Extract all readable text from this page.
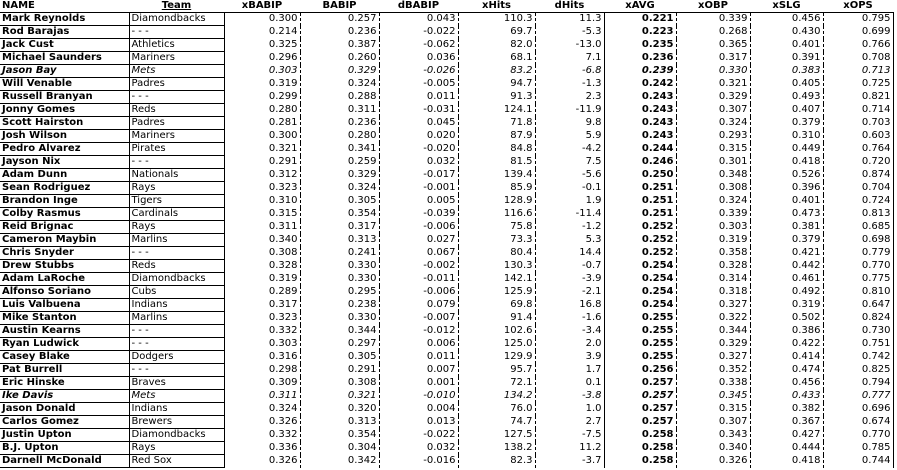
NAME	Team	xBABIP	BABIP	dBABIP	xHits	dHits	xAVG	xOBP	xSLG	xOPS
Mark Reynolds	Diamondbacks	0.300	0.257	0.043	110.3	11.3	0.221	0.339	0.456	0.795
Rod Barajas	- - -	0.214	0.236	-0.022	69.7	-5.3	0.223	0.268	0.430	0.699
Jack Cust	Athletics	0.325	0.387	-0.062	82.0	-13.0	0.235	0.365	0.401	0.766
Michael Saunders	Mariners	0.296	0.260	0.036	68.1	7.1	0.236	0.317	0.391	0.708
Jason Bay	Mets	0.303	0.329	-0.026	83.2	-6.8	0.239	0.330	0.383	0.713
Will Venable	Padres	0.319	0.324	-0.005	94.7	-1.3	0.242	0.321	0.405	0.725
Russell Branyan	- - -	0.299	0.288	0.011	91.3	2.3	0.243	0.329	0.493	0.821
Jonny Gomes	Reds	0.280	0.311	-0.031	124.1	-11.9	0.243	0.307	0.407	0.714
Scott Hairston	Padres	0.281	0.236	0.045	71.8	9.8	0.243	0.324	0.379	0.703
Josh Wilson	Mariners	0.300	0.280	0.020	87.9	5.9	0.243	0.293	0.310	0.603
Pedro Alvarez	Pirates	0.321	0.341	-0.020	84.8	-4.2	0.244	0.315	0.449	0.764
Jayson Nix	- - -	0.291	0.259	0.032	81.5	7.5	0.246	0.301	0.418	0.720
Adam Dunn	Nationals	0.312	0.329	-0.017	139.4	-5.6	0.250	0.348	0.526	0.874
Sean Rodriguez	Rays	0.323	0.324	-0.001	85.9	-0.1	0.251	0.308	0.396	0.704
Brandon Inge	Tigers	0.310	0.305	0.005	128.9	1.9	0.251	0.324	0.401	0.724
Colby Rasmus	Cardinals	0.315	0.354	-0.039	116.6	-11.4	0.251	0.339	0.473	0.813
Reid Brignac	Rays	0.311	0.317	-0.006	75.8	-1.2	0.252	0.303	0.381	0.685
Cameron Maybin	Marlins	0.340	0.313	0.027	73.3	5.3	0.252	0.319	0.379	0.698
Chris Snyder	- - -	0.308	0.241	0.067	80.4	14.4	0.252	0.358	0.421	0.779
Drew Stubbs	Reds	0.328	0.330	-0.002	130.3	-0.7	0.254	0.328	0.442	0.770
Adam LaRoche	Diamondbacks	0.319	0.330	-0.011	142.1	-3.9	0.254	0.314	0.461	0.775
Alfonso Soriano	Cubs	0.289	0.295	-0.006	125.9	-2.1	0.254	0.318	0.492	0.810
Luis Valbuena	Indians	0.317	0.238	0.079	69.8	16.8	0.254	0.327	0.319	0.647
Mike Stanton	Marlins	0.323	0.330	-0.007	91.4	-1.6	0.255	0.322	0.502	0.824
Austin Kearns	- - -	0.332	0.344	-0.012	102.6	-3.4	0.255	0.344	0.386	0.730
Ryan Ludwick	- - -	0.303	0.297	0.006	125.0	2.0	0.255	0.329	0.422	0.751
Casey Blake	Dodgers	0.316	0.305	0.011	129.9	3.9	0.255	0.327	0.414	0.742
Pat Burrell	- - -	0.298	0.291	0.007	95.7	1.7	0.256	0.352	0.474	0.825
Eric Hinske	Braves	0.309	0.308	0.001	72.1	0.1	0.257	0.338	0.456	0.794
Ike Davis	Mets	0.311	0.321	-0.010	134.2	-3.8	0.257	0.345	0.433	0.777
Jason Donald	Indians	0.324	0.320	0.004	76.0	1.0	0.257	0.315	0.382	0.696
Carlos Gomez	Brewers	0.326	0.313	0.013	74.7	2.7	0.257	0.307	0.367	0.674
Justin Upton	Diamondbacks	0.332	0.354	-0.022	127.5	-7.5	0.258	0.343	0.427	0.770
B.J. Upton	Rays	0.336	0.304	0.032	138.2	11.2	0.258	0.340	0.444	0.785
Darnell McDonald	Red Sox	0.326	0.342	-0.016	82.3	-3.7	0.258	0.326	0.418	0.744
